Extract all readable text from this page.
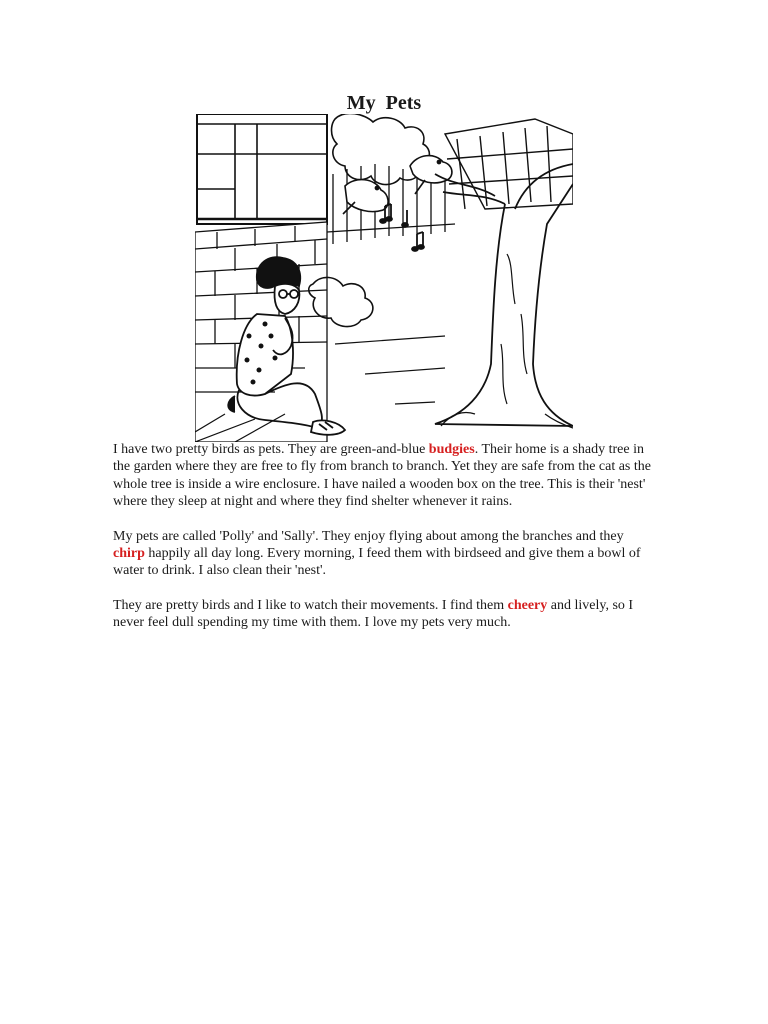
My Pets

I have two pretty birds as pets. They are green-and-blue budgies. Their home is a shady tree in the garden where they are free to fly from branch to branch. Yet they are safe from the cat as the whole tree is inside a wire enclosure. I have nailed a wooden box on the tree. This is their 'nest' where they sleep at night and where they find shelter whenever it rains.

My pets are called 'Polly' and 'Sally'. They enjoy flying about among the branches and they chirp happily all day long. Every morning, I feed them with birdseed and give them a bowl of water to drink. I also clean their 'nest'.

They are pretty birds and I like to watch their movements. I find them cheery and lively, so I never feel dull spending my time with them. I love my pets very much.
